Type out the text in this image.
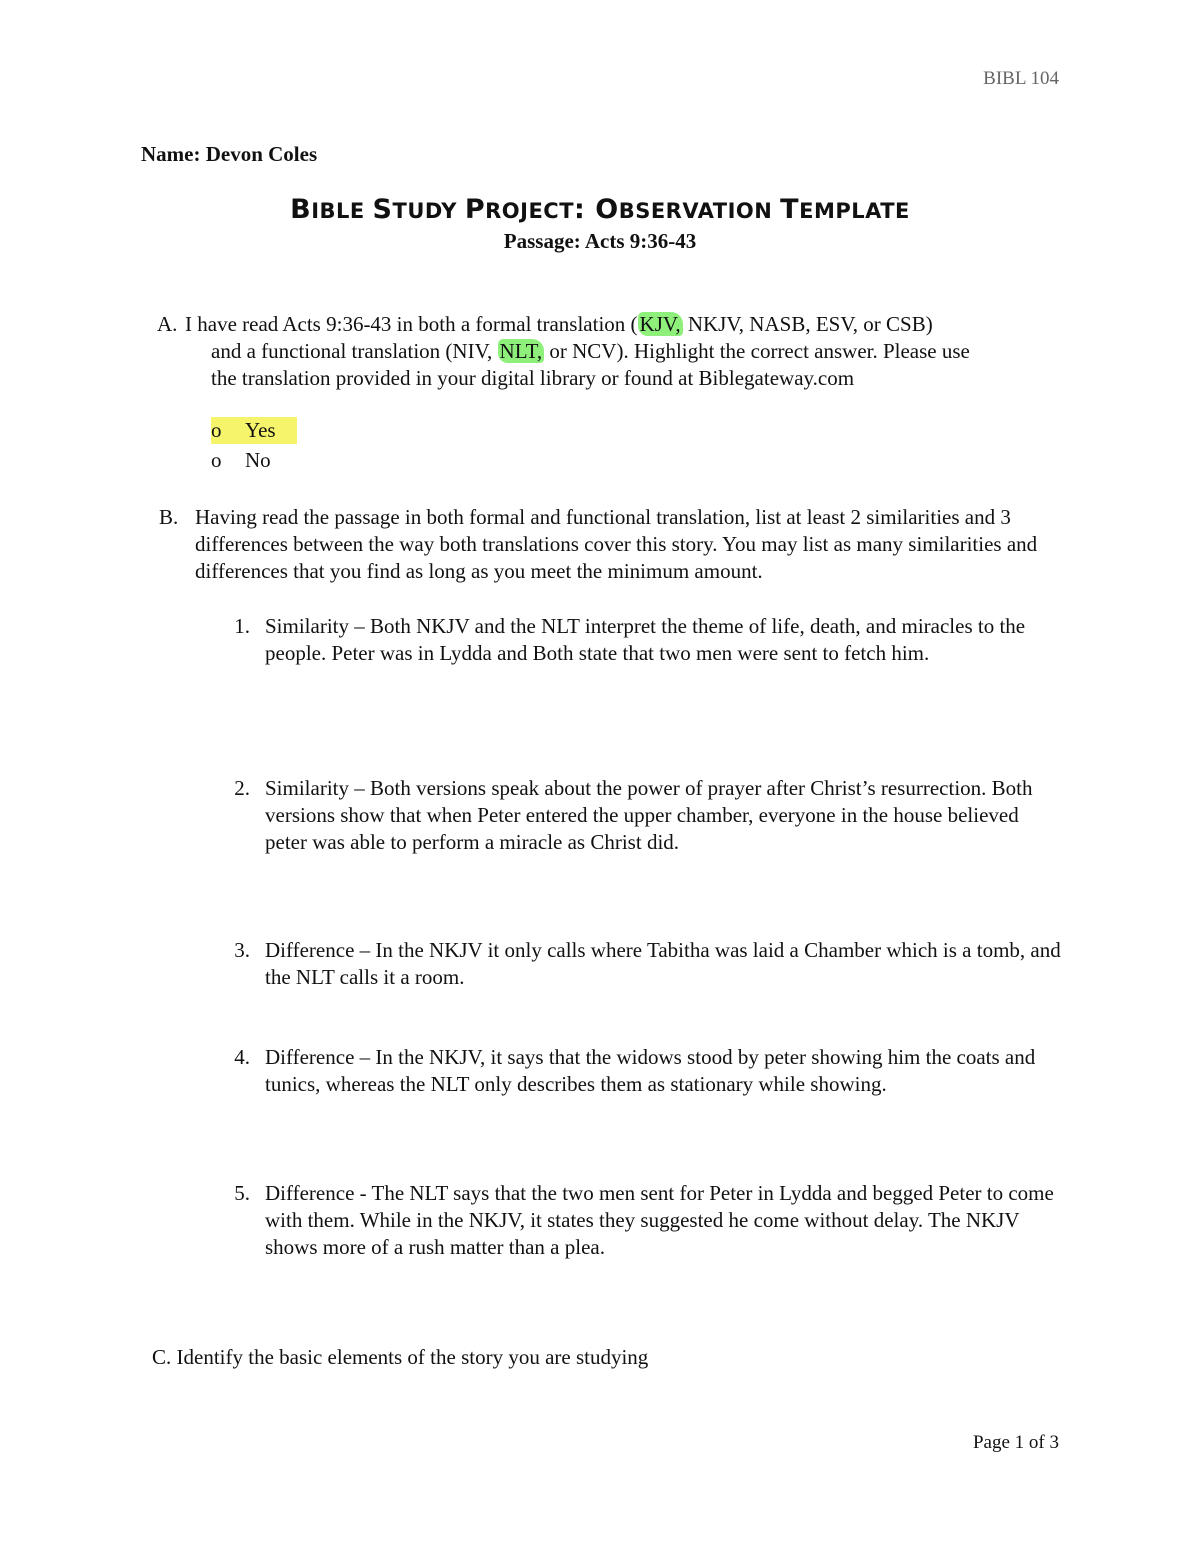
BIBL 104
Name: Devon Coles
BIBLE STUDY PROJECT: OBSERVATION TEMPLATE
Passage: Acts 9:36-43
A. I have read Acts 9:36-43 in both a formal translation (KJV, NKJV, NASB, ESV, or CSB)
and a functional translation (NIV, NLT, or NCV). Highlight the correct answer. Please use
the translation provided in your digital library or found at Biblegateway.com
o Yes
o No
B. Having read the passage in both formal and functional translation, list at least 2 similarities and 3 differences between the way both translations cover this story. You may list as many similarities and differences that you find as long as you meet the minimum amount.
1. Similarity – Both NKJV and the NLT interpret the theme of life, death, and miracles to the people. Peter was in Lydda and Both state that two men were sent to fetch him.
2. Similarity – Both versions speak about the power of prayer after Christ’s resurrection. Both versions show that when Peter entered the upper chamber, everyone in the house believed peter was able to perform a miracle as Christ did.
3. Difference – In the NKJV it only calls where Tabitha was laid a Chamber which is a tomb, and the NLT calls it a room.
4. Difference – In the NKJV, it says that the widows stood by peter showing him the coats and tunics, whereas the NLT only describes them as stationary while showing.
5. Difference - The NLT says that the two men sent for Peter in Lydda and begged Peter to come with them. While in the NKJV, it states they suggested he come without delay. The NKJV shows more of a rush matter than a plea.
C. Identify the basic elements of the story you are studying
Page 1 of 3
